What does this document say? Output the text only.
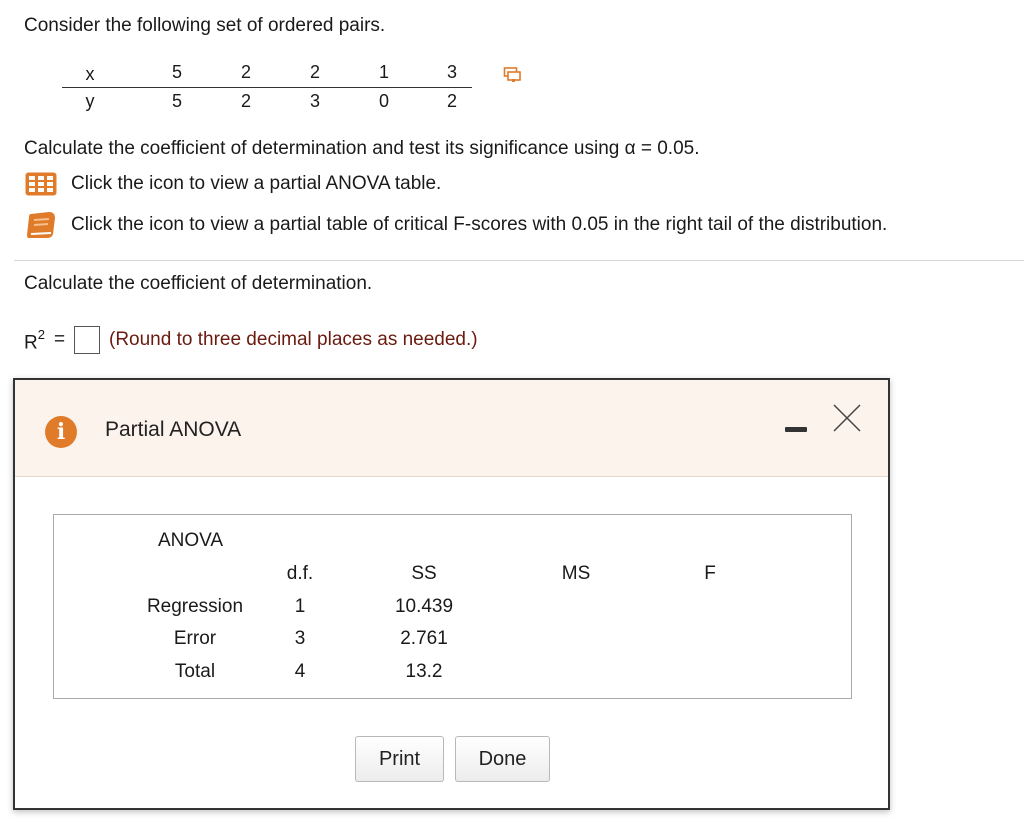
Consider the following set of ordered pairs.
x	5	2	2	1	3
y	5	2	3	0	2
Calculate the coefficient of determination and test its significance using α = 0.05.
Click the icon to view a partial ANOVA table.
Click the icon to view a partial table of critical F-scores with 0.05 in the right tail of the distribution.
Calculate the coefficient of determination.
$R^2$ = (Round to three decimal places as needed.)
i	Partial ANOVA
ANOVA
d.f.	SS	MS	F
Regression	1	10.439
Error	3	2.761
Total	4	13.2
Print	Done
